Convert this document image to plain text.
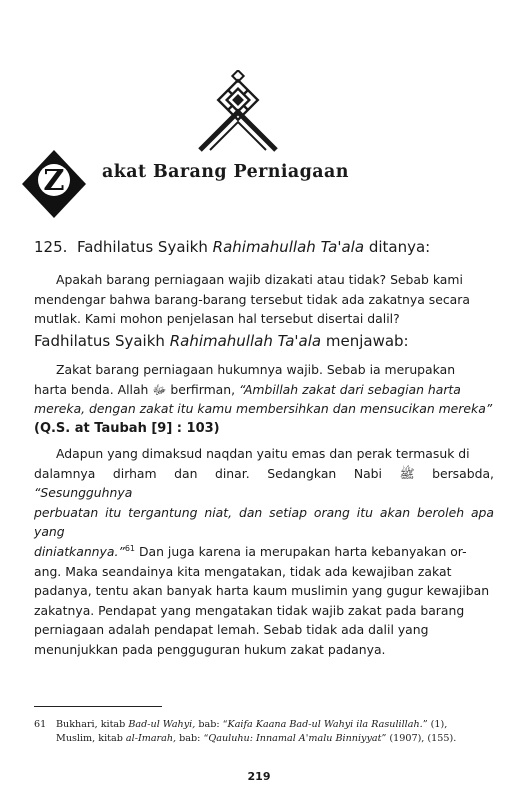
Z akat Barang Perniagaan
125. Fadhilatus Syaikh Rahimahullah Ta'ala ditanya:

Apakah barang perniagaan wajib dizakati atau tidak? Sebab kami
mendengar bahwa barang-barang tersebut tidak ada zakatnya secara
mutlak. Kami mohon penjelasan hal tersebut disertai dalil?

Fadhilatus Syaikh Rahimahullah Ta'ala menjawab:

Zakat barang perniagaan hukumnya wajib. Sebab ia merupakan
harta benda. Allah ﷻ berfirman, “Ambillah zakat dari sebagian harta
mereka, dengan zakat itu kamu membersihkan dan mensucikan mereka”
(Q.S. at Taubah [9] : 103)

Adapun yang dimaksud naqdan yaitu emas dan perak termasuk di
dalamnya dirham dan dinar. Sedangkan Nabi ﷺ bersabda, “Sesungguhnya
perbuatan itu tergantung niat, dan setiap orang itu akan beroleh apa yang
diniatkannya.”$^{61}$ Dan juga karena ia merupakan harta kebanyakan or-
ang. Maka seandainya kita mengatakan, tidak ada kewajiban zakat
padanya, tentu akan banyak harta kaum muslimin yang gugur kewajiban
zakatnya. Pendapat yang mengatakan tidak wajib zakat pada barang
perniagaan adalah pendapat lemah. Sebab tidak ada dalil yang
menunjukkan pada pengguguran hukum zakat padanya.

61 Bukhari, kitab Bad-ul Wahyi, bab: “Kaifa Kaana Bad-ul Wahyi ila Rasulillah.” (1),
Muslim, kitab al-Imarah, bab: “Qauluhu: Innamal A'malu Binniyyat” (1907), (155).
219
